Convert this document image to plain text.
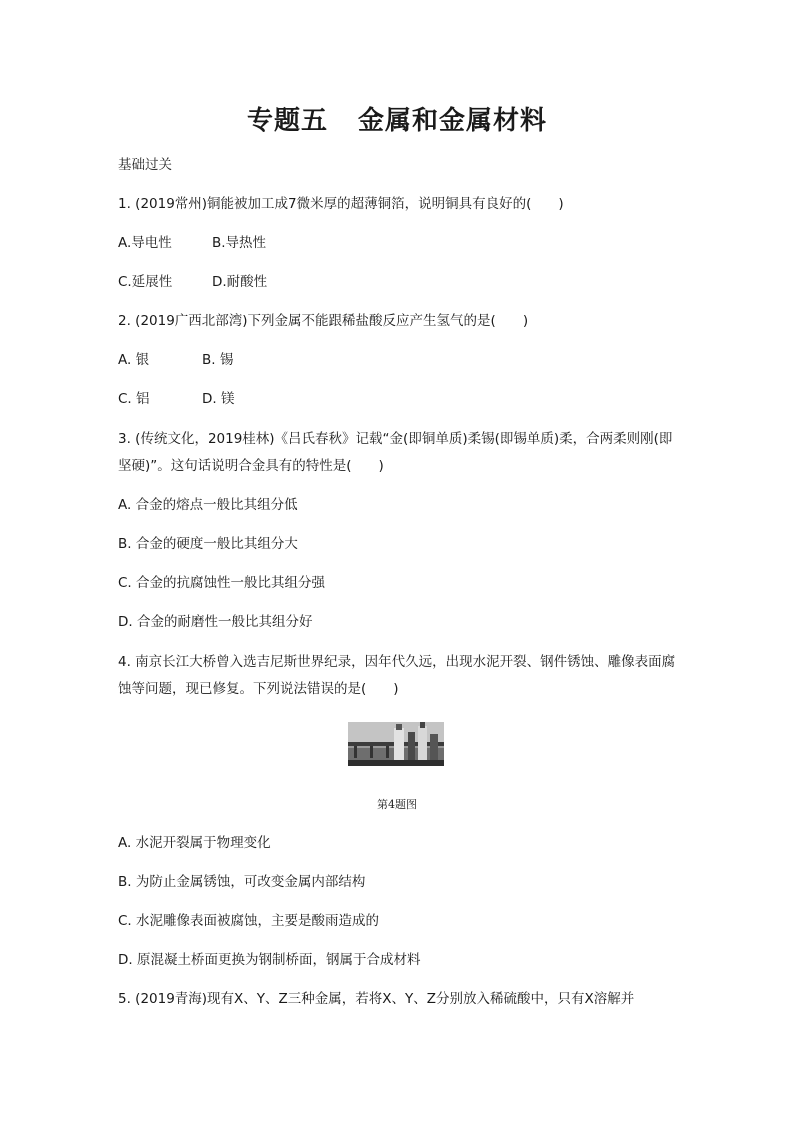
专题五 金属和金属材料
基础过关
1. (2019常州)铜能被加工成7微米厚的超薄铜箔，说明铜具有良好的(　　)
A.导电性	B.导热性
C.延展性	D.耐酸性
2. (2019广西北部湾)下列金属不能跟稀盐酸反应产生氢气的是(　　)
A. 银	B. 锡
C. 铝	D. 镁
3. (传统文化，2019桂林)《吕氏春秋》记载“金(即铜单质)柔锡(即锡单质)柔，合两柔则刚(即坚硬)”。这句话说明合金具有的特性是(　　)
A. 合金的熔点一般比其组分低
B. 合金的硬度一般比其组分大
C. 合金的抗腐蚀性一般比其组分强
D. 合金的耐磨性一般比其组分好
4. 南京长江大桥曾入选吉尼斯世界纪录，因年代久远，出现水泥开裂、钢件锈蚀、雕像表面腐蚀等问题，现已修复。下列说法错误的是(　　)
第4题图
A. 水泥开裂属于物理变化
B. 为防止金属锈蚀，可改变金属内部结构
C. 水泥雕像表面被腐蚀，主要是酸雨造成的
D. 原混凝土桥面更换为钢制桥面，钢属于合成材料
5. (2019青海)现有X、Y、Z三种金属，若将X、Y、Z分别放入稀硫酸中，只有X溶解并
